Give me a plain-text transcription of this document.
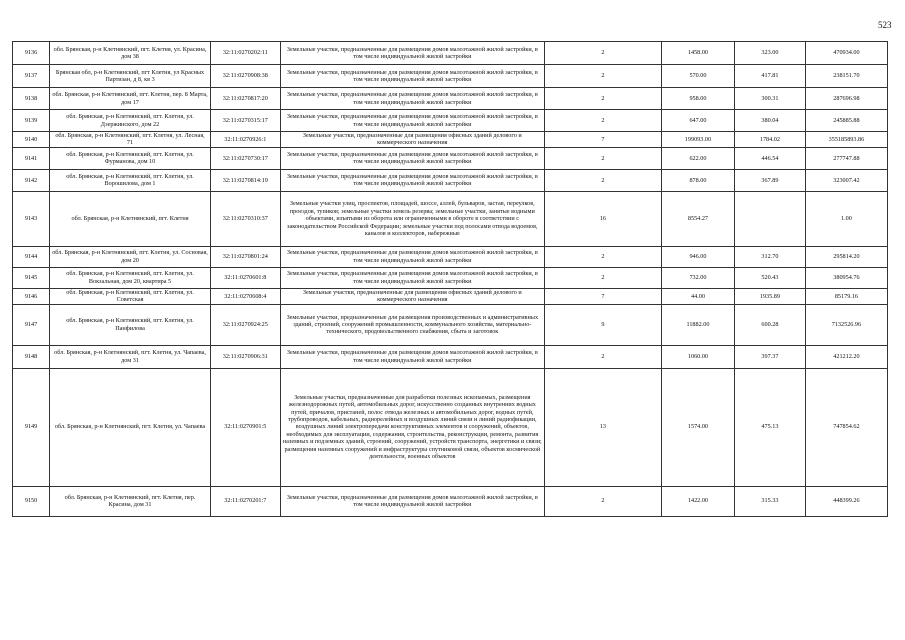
523
9136	обл. Брянская, р-н Клетнянский, пгт. Клетня, ул. Красина, дом 38	32:11:0270202:11	Земельные участки, предназначенные для размещения домов малоэтажной жилой застройки, в том числе индивидуальной жилой застройки	2	1458.00	323.00	470934.00
9137	Брянская обл, р-н Клетнянский, пгт Клетня, ул Красных Партизан, д 8, кв 3	32:11:0270908:38	Земельные участки, предназначенные для размещения домов малоэтажной жилой застройки, в том числе индивидуальной жилой застройки	2	570.00	417.81	238151.70
9138	обл. Брянская, р-н Клетнянский, пгт. Клетня, пер. 8 Марта, дом 17	32:11:0270817:20	Земельные участки, предназначенные для размещения домов малоэтажной жилой застройки, в том числе индивидуальной жилой застройки	2	958.00	300.31	287696.98
9139	обл. Брянская, р-н Клетнянский, пгт. Клетня, ул. Дзержинского, дом 22	32:11:0270315:17	Земельные участки, предназначенные для размещения домов малоэтажной жилой застройки, в том числе индивидуальной жилой застройки	2	647.00	380.04	245885.88
9140	обл. Брянская, р-н Клетнянский, пгт. Клетня, ул. Лесная, 71	32:11:0270926:1	Земельные участки, предназначенные для размещения офисных зданий делового и коммерческого назначения	7	199093.00	1784.02	355185893.86
9141	обл. Брянская, р-н Клетнянский, пгт. Клетня, ул. Фурманова, дом 10	32:11:0270730:17	Земельные участки, предназначенные для размещения домов малоэтажной жилой застройки, в том числе индивидуальной жилой застройки	2	622.00	446.54	277747.88
9142	обл. Брянская, р-н Клетнянский, пгт. Клетня, ул. Ворошилова, дом 1	32:11:0270814:19	Земельные участки, предназначенные для размещения домов малоэтажной жилой застройки, в том числе индивидуальной жилой застройки	2	878.00	367.89	323007.42
9143	обл. Брянская, р-н Клетнянский, пгт. Клетня	32:11:0270310:37	Земельные участки улиц, проспектов, площадей, шоссе, аллей, бульваров, застав, переулков, проездов, тупиков; земельные участки земель резерва; земельные участки, занятые водными объектами, изъятыми из оборота или ограниченными в обороте в соответствии с законодательством Российской Федерации; земельные участки под полосами отвода водоемов, каналов и коллекторов, набережные	16	8554.27		1.00
9144	обл. Брянская, р-н Клетнянский, пгт. Клетня, ул. Сосновая, дом 20	32:11:0270801:24	Земельные участки, предназначенные для размещения домов малоэтажной жилой застройки, в том числе индивидуальной жилой застройки	2	946.00	312.70	295814.20
9145	обл. Брянская, р-н Клетнянский, пгт. Клетня, ул. Вокзальная, дом 20, квартира 5	32:11:0270601:8	Земельные участки, предназначенные для размещения домов малоэтажной жилой застройки, в том числе индивидуальной жилой застройки	2	732.00	520.43	380954.76
9146	обл. Брянская, р-н Клетнянский, пгт. Клетня, ул. Советская	32:11:0270608:4	Земельные участки, предназначенные для размещения офисных зданий делового и коммерческого назначения	7	44.00	1935.89	85179.16
9147	обл. Брянская, р-н Клетнянский, пгт. Клетня, ул. Панфилова	32:11:0270924:25	Земельные участки, предназначенные для размещения производственных и административных зданий, строений, сооружений промышленности, коммунального хозяйства, материально-технического, продовольственного снабжения, сбыта и заготовок	9	11882.00	600.28	7132526.96
9148	обл. Брянская, р-н Клетнянский, пгт. Клетня, ул. Чапаева, дом 31	32:11:0270906:31	Земельные участки, предназначенные для размещения домов малоэтажной жилой застройки, в том числе индивидуальной жилой застройки	2	1060.00	397.37	421212.20
9149	обл. Брянская, р-н Клетнянский, пгт. Клетня, ул. Чапаева	32:11:0270901:5	Земельные участки, предназначенные для разработки полезных ископаемых, размещения железнодорожных путей, автомобильных дорог, искусственно созданных внутренних водных путей, причалов, пристаней, полос отвода железных и автомобильных дорог, водных путей, трубопроводов, кабельных, радиорелейных и воздушных линий связи и линий радиофикации, воздушных линий электропередачи конструктивных элементов и сооружений, объектов, необходимых для эксплуатации, содержания, строительства, реконструкции, ремонта, развития наземных и подземных зданий, строений, сооружений, устройств транспорта, энергетики и связи; размещения наземных сооружений и инфраструктуры спутниковой связи, объектов космической деятельности, военных объектов	13	1574.00	475.13	747854.62
9150	обл. Брянская, р-н Клетнянский, пгт. Клетня, пер. Красина, дом 31	32:11:0270201:7	Земельные участки, предназначенные для размещения домов малоэтажной жилой застройки, в том числе индивидуальной жилой застройки	2	1422.00	315.33	448399.26
